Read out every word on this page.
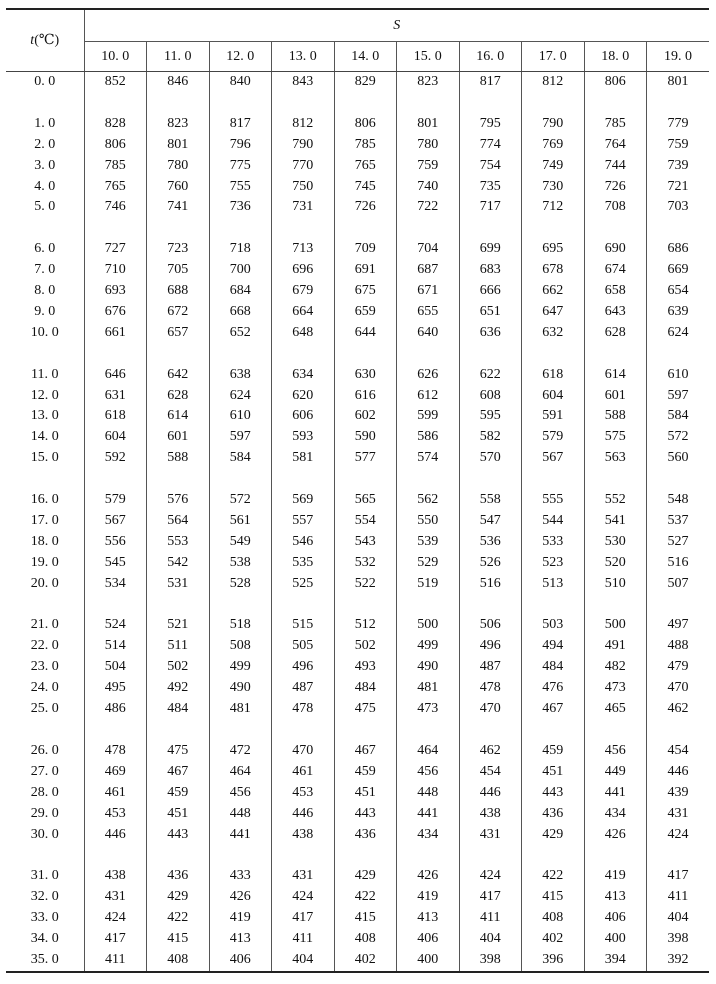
t(℃)	S									
	10. 0	11. 0	12. 0	13. 0	14. 0	15. 0	16. 0	17. 0	18. 0	19. 0
0. 0	852	846	840	843	829	823	817	812	806	801

1. 0	828	823	817	812	806	801	795	790	785	779
2. 0	806	801	796	790	785	780	774	769	764	759
3. 0	785	780	775	770	765	759	754	749	744	739
4. 0	765	760	755	750	745	740	735	730	726	721
5. 0	746	741	736	731	726	722	717	712	708	703

6. 0	727	723	718	713	709	704	699	695	690	686
7. 0	710	705	700	696	691	687	683	678	674	669
8. 0	693	688	684	679	675	671	666	662	658	654
9. 0	676	672	668	664	659	655	651	647	643	639
10. 0	661	657	652	648	644	640	636	632	628	624

11. 0	646	642	638	634	630	626	622	618	614	610
12. 0	631	628	624	620	616	612	608	604	601	597
13. 0	618	614	610	606	602	599	595	591	588	584
14. 0	604	601	597	593	590	586	582	579	575	572
15. 0	592	588	584	581	577	574	570	567	563	560

16. 0	579	576	572	569	565	562	558	555	552	548
17. 0	567	564	561	557	554	550	547	544	541	537
18. 0	556	553	549	546	543	539	536	533	530	527
19. 0	545	542	538	535	532	529	526	523	520	516
20. 0	534	531	528	525	522	519	516	513	510	507

21. 0	524	521	518	515	512	500	506	503	500	497
22. 0	514	511	508	505	502	499	496	494	491	488
23. 0	504	502	499	496	493	490	487	484	482	479
24. 0	495	492	490	487	484	481	478	476	473	470
25. 0	486	484	481	478	475	473	470	467	465	462

26. 0	478	475	472	470	467	464	462	459	456	454
27. 0	469	467	464	461	459	456	454	451	449	446
28. 0	461	459	456	453	451	448	446	443	441	439
29. 0	453	451	448	446	443	441	438	436	434	431
30. 0	446	443	441	438	436	434	431	429	426	424

31. 0	438	436	433	431	429	426	424	422	419	417
32. 0	431	429	426	424	422	419	417	415	413	411
33. 0	424	422	419	417	415	413	411	408	406	404
34. 0	417	415	413	411	408	406	404	402	400	398
35. 0	411	408	406	404	402	400	398	396	394	392
